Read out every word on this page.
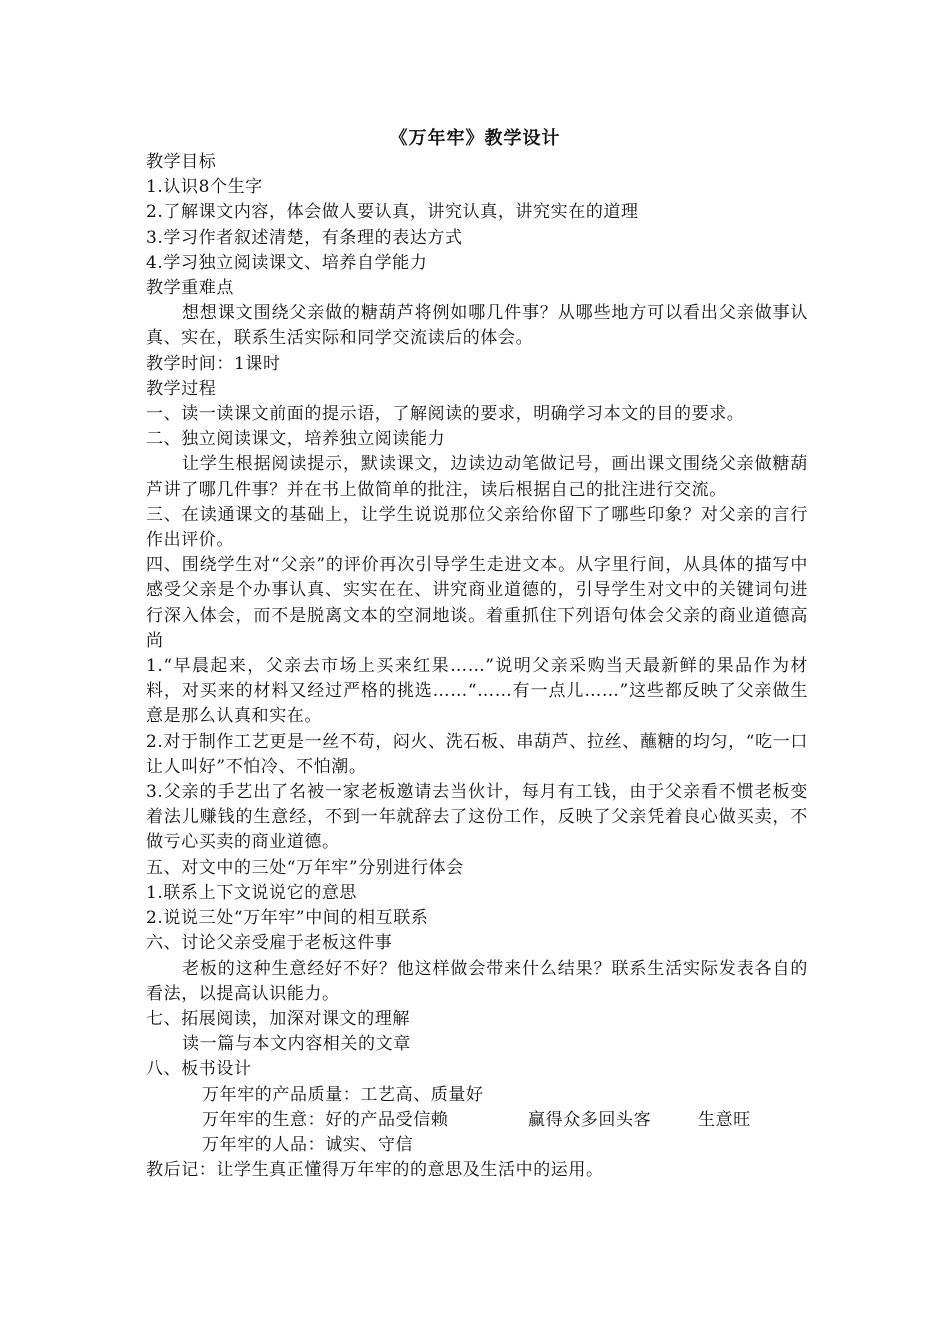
《万年牢》教学设计

教学目标

1.认识8个生字

2.了解课文内容，体会做人要认真，讲究认真，讲究实在的道理

3.学习作者叙述清楚，有条理的表达方式

4.学习独立阅读课文、培养自学能力

教学重难点

想想课文围绕父亲做的糖葫芦将例如哪几件事？从哪些地方可以看出父亲做事认真、实在，联系生活实际和同学交流读后的体会。

教学时间：1课时

教学过程

一、读一读课文前面的提示语，了解阅读的要求，明确学习本文的目的要求。

二、独立阅读课文，培养独立阅读能力

让学生根据阅读提示，默读课文，边读边动笔做记号，画出课文围绕父亲做糖葫芦讲了哪几件事？并在书上做简单的批注，读后根据自己的批注进行交流。

三、在读通课文的基础上，让学生说说那位父亲给你留下了哪些印象？对父亲的言行作出评价。

四、围绕学生对“父亲”的评价再次引导学生走进文本。从字里行间，从具体的描写中感受父亲是个办事认真、实实在在、讲究商业道德的，引导学生对文中的关键词句进行深入体会，而不是脱离文本的空洞地谈。着重抓住下列语句体会父亲的商业道德高尚

1.“早晨起来，父亲去市场上买来红果……”说明父亲采购当天最新鲜的果品作为材料，对买来的材料又经过严格的挑选……“……有一点儿……”这些都反映了父亲做生意是那么认真和实在。

2.对于制作工艺更是一丝不苟，闷火、洗石板、串葫芦、拉丝、蘸糖的均匀，“吃一口让人叫好”不怕冷、不怕潮。

3.父亲的手艺出了名被一家老板邀请去当伙计，每月有工钱，由于父亲看不惯老板变着法儿赚钱的生意经，不到一年就辞去了这份工作，反映了父亲凭着良心做买卖，不做亏心买卖的商业道德。

五、对文中的三处“万年牢”分别进行体会

1.联系上下文说说它的意思

2.说说三处“万年牢”中间的相互联系

六、讨论父亲受雇于老板这件事

老板的这种生意经好不好？他这样做会带来什么结果？联系生活实际发表各自的看法，以提高认识能力。

七、拓展阅读，加深对课文的理解

读一篇与本文内容相关的文章

八、板书设计

万年牢的产品质量：工艺高、质量好

万年牢的生意：好的产品受信赖	赢得众多回头客	生意旺

万年牢的人品：诚实、守信

教后记：让学生真正懂得万年牢的的意思及生活中的运用。
